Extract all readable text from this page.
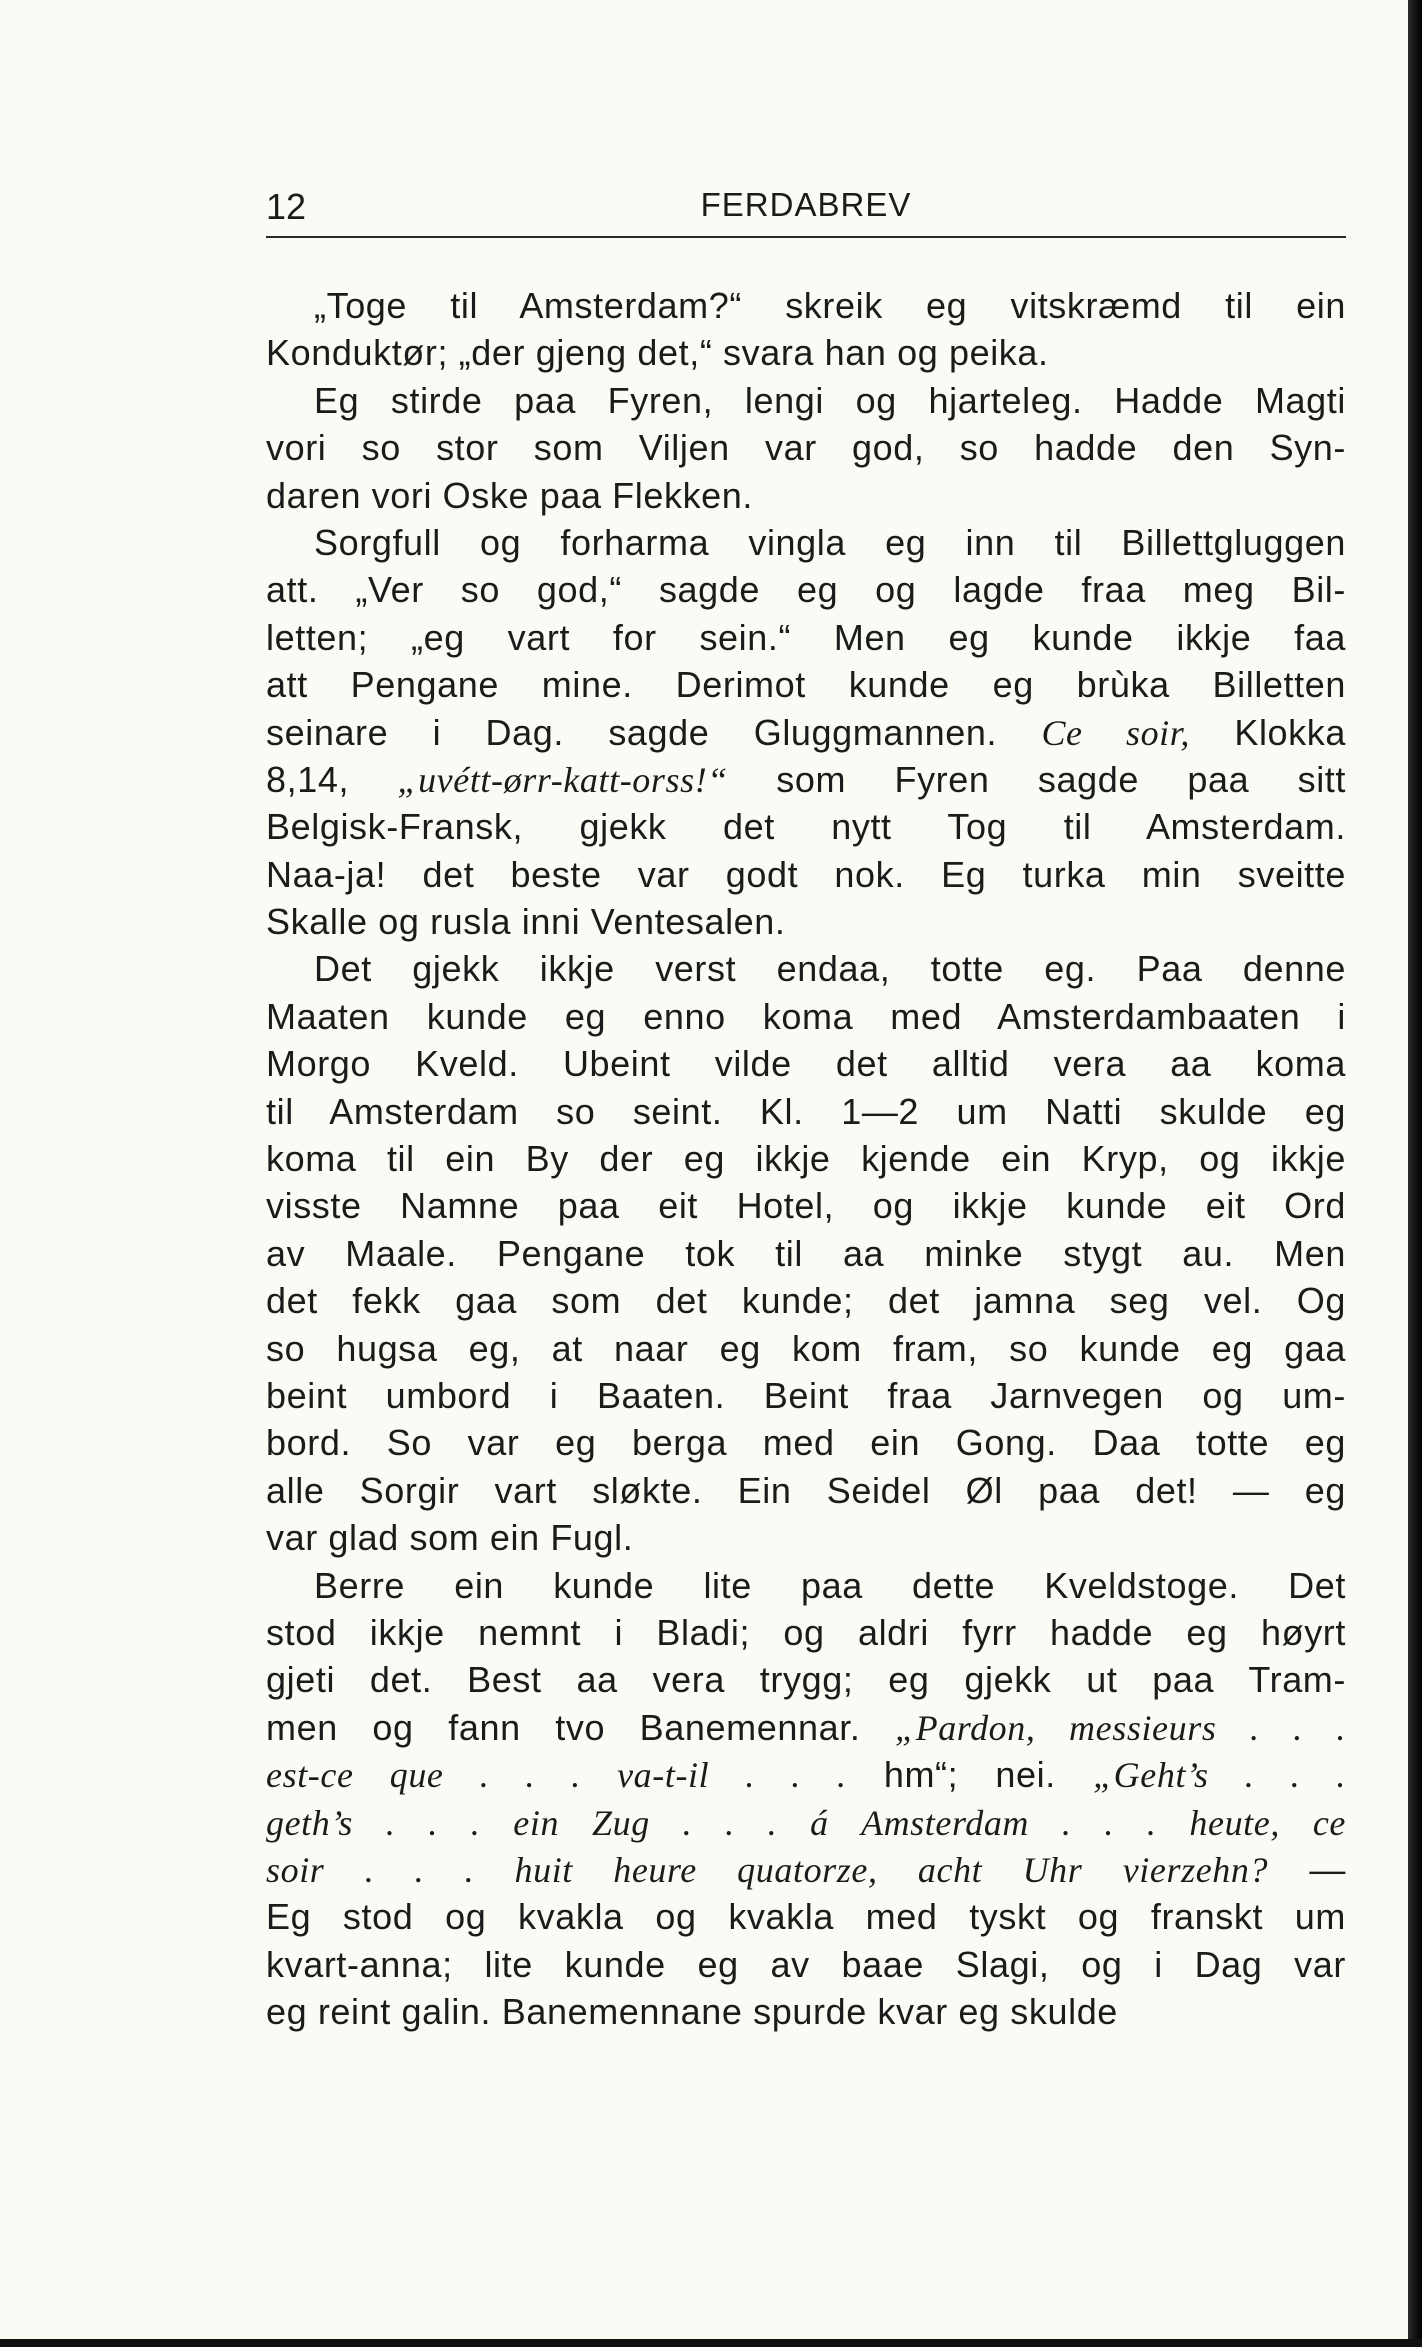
12	FERDABREV
„Toge til Amsterdam?“ skreik eg vitskræmd til ein
Konduktør; „der gjeng det,“ svara han og peika.
Eg stirde paa Fyren, lengi og hjarteleg. Hadde Magti
vori so stor som Viljen var god, so hadde den Syn-
daren vori Oske paa Flekken.
Sorgfull og forharma vingla eg inn til Billettgluggen
att. „Ver so god,“ sagde eg og lagde fraa meg Bil-
letten; „eg vart for sein.“ Men eg kunde ikkje faa
att Pengane mine. Derimot kunde eg brùka Billetten
seinare i Dag. sagde Gluggmannen. Ce soir, Klokka
8,14, „uvétt-ørr-katt-orss!“ som Fyren sagde paa sitt
Belgisk-Fransk, gjekk det nytt Tog til Amsterdam.
Naa-ja! det beste var godt nok. Eg turka min sveitte
Skalle og rusla inni Ventesalen.
Det gjekk ikkje verst endaa, totte eg. Paa denne
Maaten kunde eg enno koma med Amsterdambaaten i
Morgo Kveld. Ubeint vilde det alltid vera aa koma
til Amsterdam so seint. Kl. 1—2 um Natti skulde eg
koma til ein By der eg ikkje kjende ein Kryp, og ikkje
visste Namne paa eit Hotel, og ikkje kunde eit Ord
av Maale. Pengane tok til aa minke stygt au. Men
det fekk gaa som det kunde; det jamna seg vel. Og
so hugsa eg, at naar eg kom fram, so kunde eg gaa
beint umbord i Baaten. Beint fraa Jarnvegen og um-
bord. So var eg berga med ein Gong. Daa totte eg
alle Sorgir vart sløkte. Ein Seidel Øl paa det! — eg
var glad som ein Fugl.
Berre ein kunde lite paa dette Kveldstoge. Det
stod ikkje nemnt i Bladi; og aldri fyrr hadde eg høyrt
gjeti det. Best aa vera trygg; eg gjekk ut paa Tram-
men og fann tvo Banemennar. „Pardon, messieurs . . .
est-ce que . . . va-t-il . . . hm“; nei. „Geht’s . . .
geth’s . . . ein Zug . . . á Amsterdam . . . heute, ce
soir . . . huit heure quatorze, acht Uhr vierzehn? —
Eg stod og kvakla og kvakla med tyskt og franskt um
kvart-anna; lite kunde eg av baae Slagi, og i Dag var
eg reint galin. Banemennane spurde kvar eg skulde
